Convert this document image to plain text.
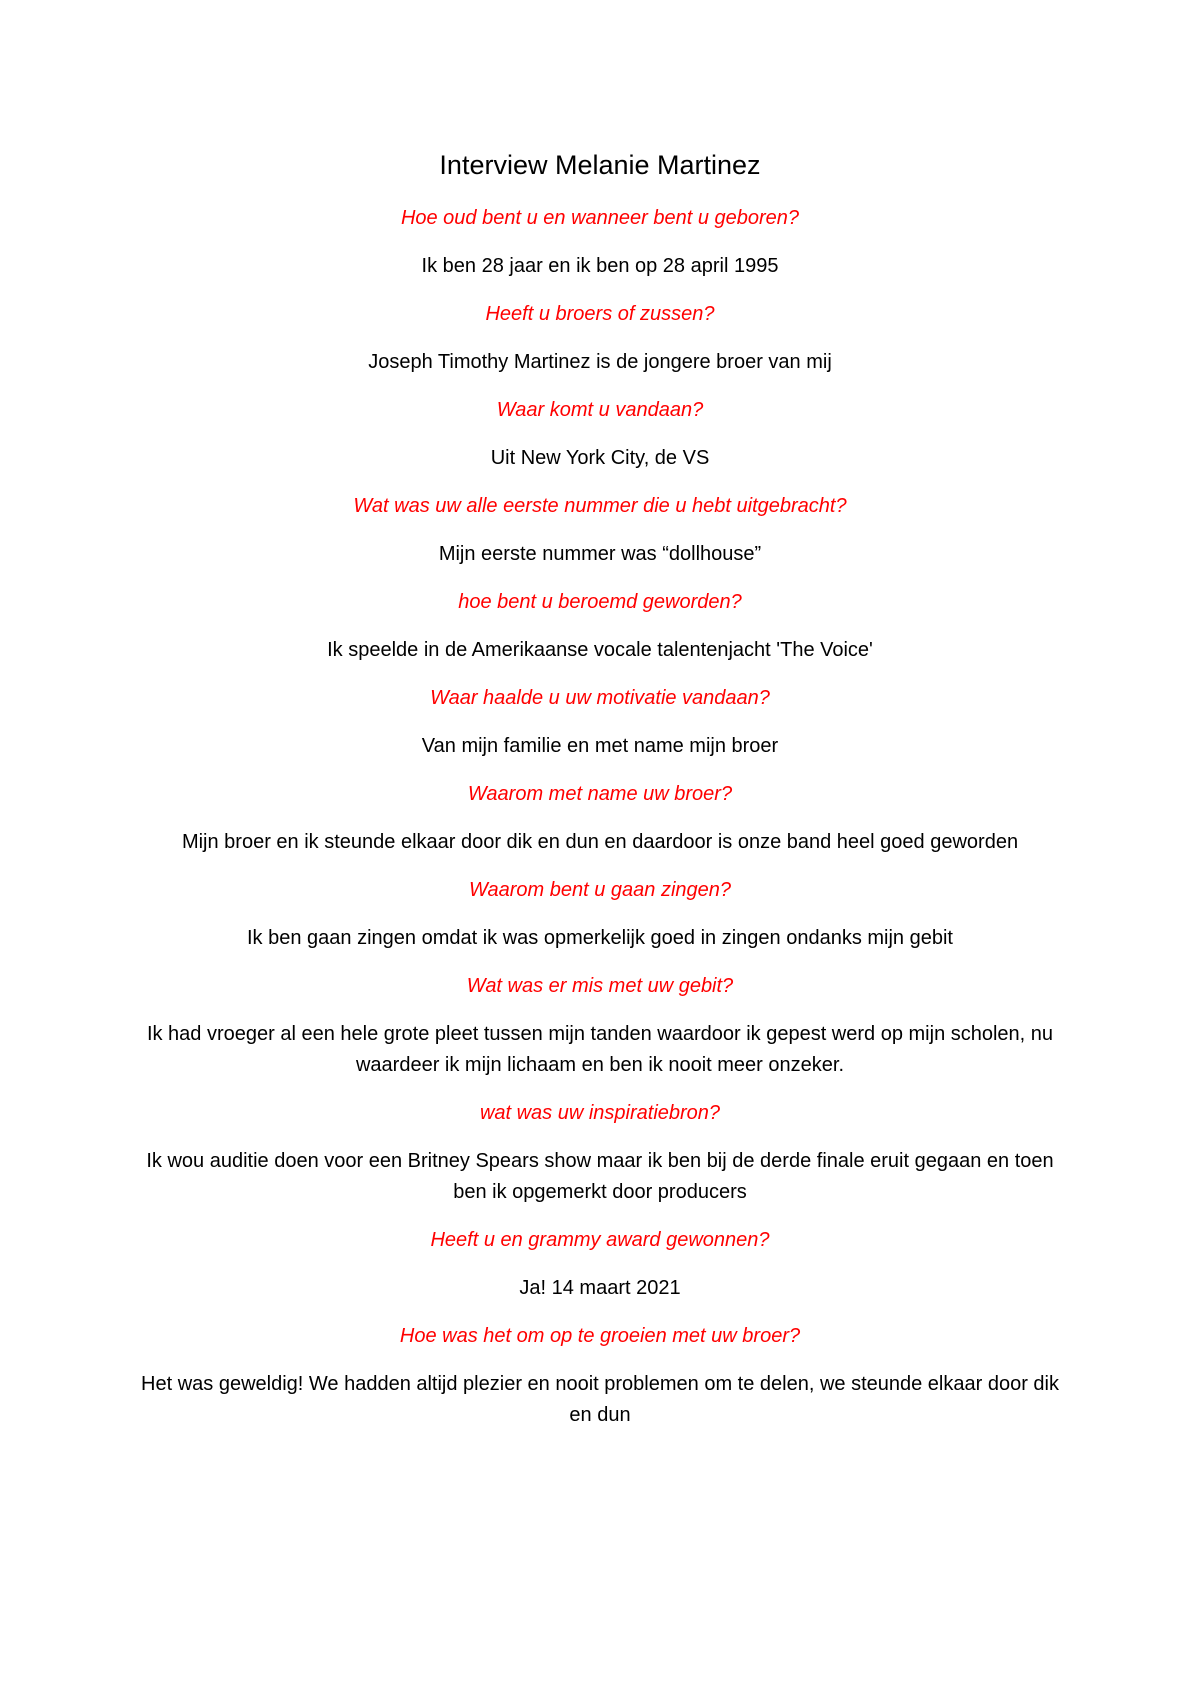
Interview Melanie Martinez

Hoe oud bent u en wanneer bent u geboren?

Ik ben 28 jaar en ik ben op 28 april 1995

Heeft u broers of zussen?

Joseph Timothy Martinez is de jongere broer van mij

Waar komt u vandaan?

Uit New York City, de VS

Wat was uw alle eerste nummer die u hebt uitgebracht?

Mijn eerste nummer was “dollhouse”

hoe bent u beroemd geworden?

Ik speelde in de Amerikaanse vocale talentenjacht 'The Voice'

Waar haalde u uw motivatie vandaan?

Van mijn familie en met name mijn broer

Waarom met name uw broer?

Mijn broer en ik steunde elkaar door dik en dun en daardoor is onze band heel goed geworden

Waarom bent u gaan zingen?

Ik ben gaan zingen omdat ik was opmerkelijk goed in zingen ondanks mijn gebit

Wat was er mis met uw gebit?

Ik had vroeger al een hele grote pleet tussen mijn tanden waardoor ik gepest werd op mijn scholen, nu waardeer ik mijn lichaam en ben ik nooit meer onzeker.

wat was uw inspiratiebron?

Ik wou auditie doen voor een Britney Spears show maar ik ben bij de derde finale eruit gegaan en toen ben ik opgemerkt door producers

Heeft u en grammy award gewonnen?

Ja! 14 maart 2021

Hoe was het om op te groeien met uw broer?

Het was geweldig! We hadden altijd plezier en nooit problemen om te delen, we steunde elkaar door dik en dun
